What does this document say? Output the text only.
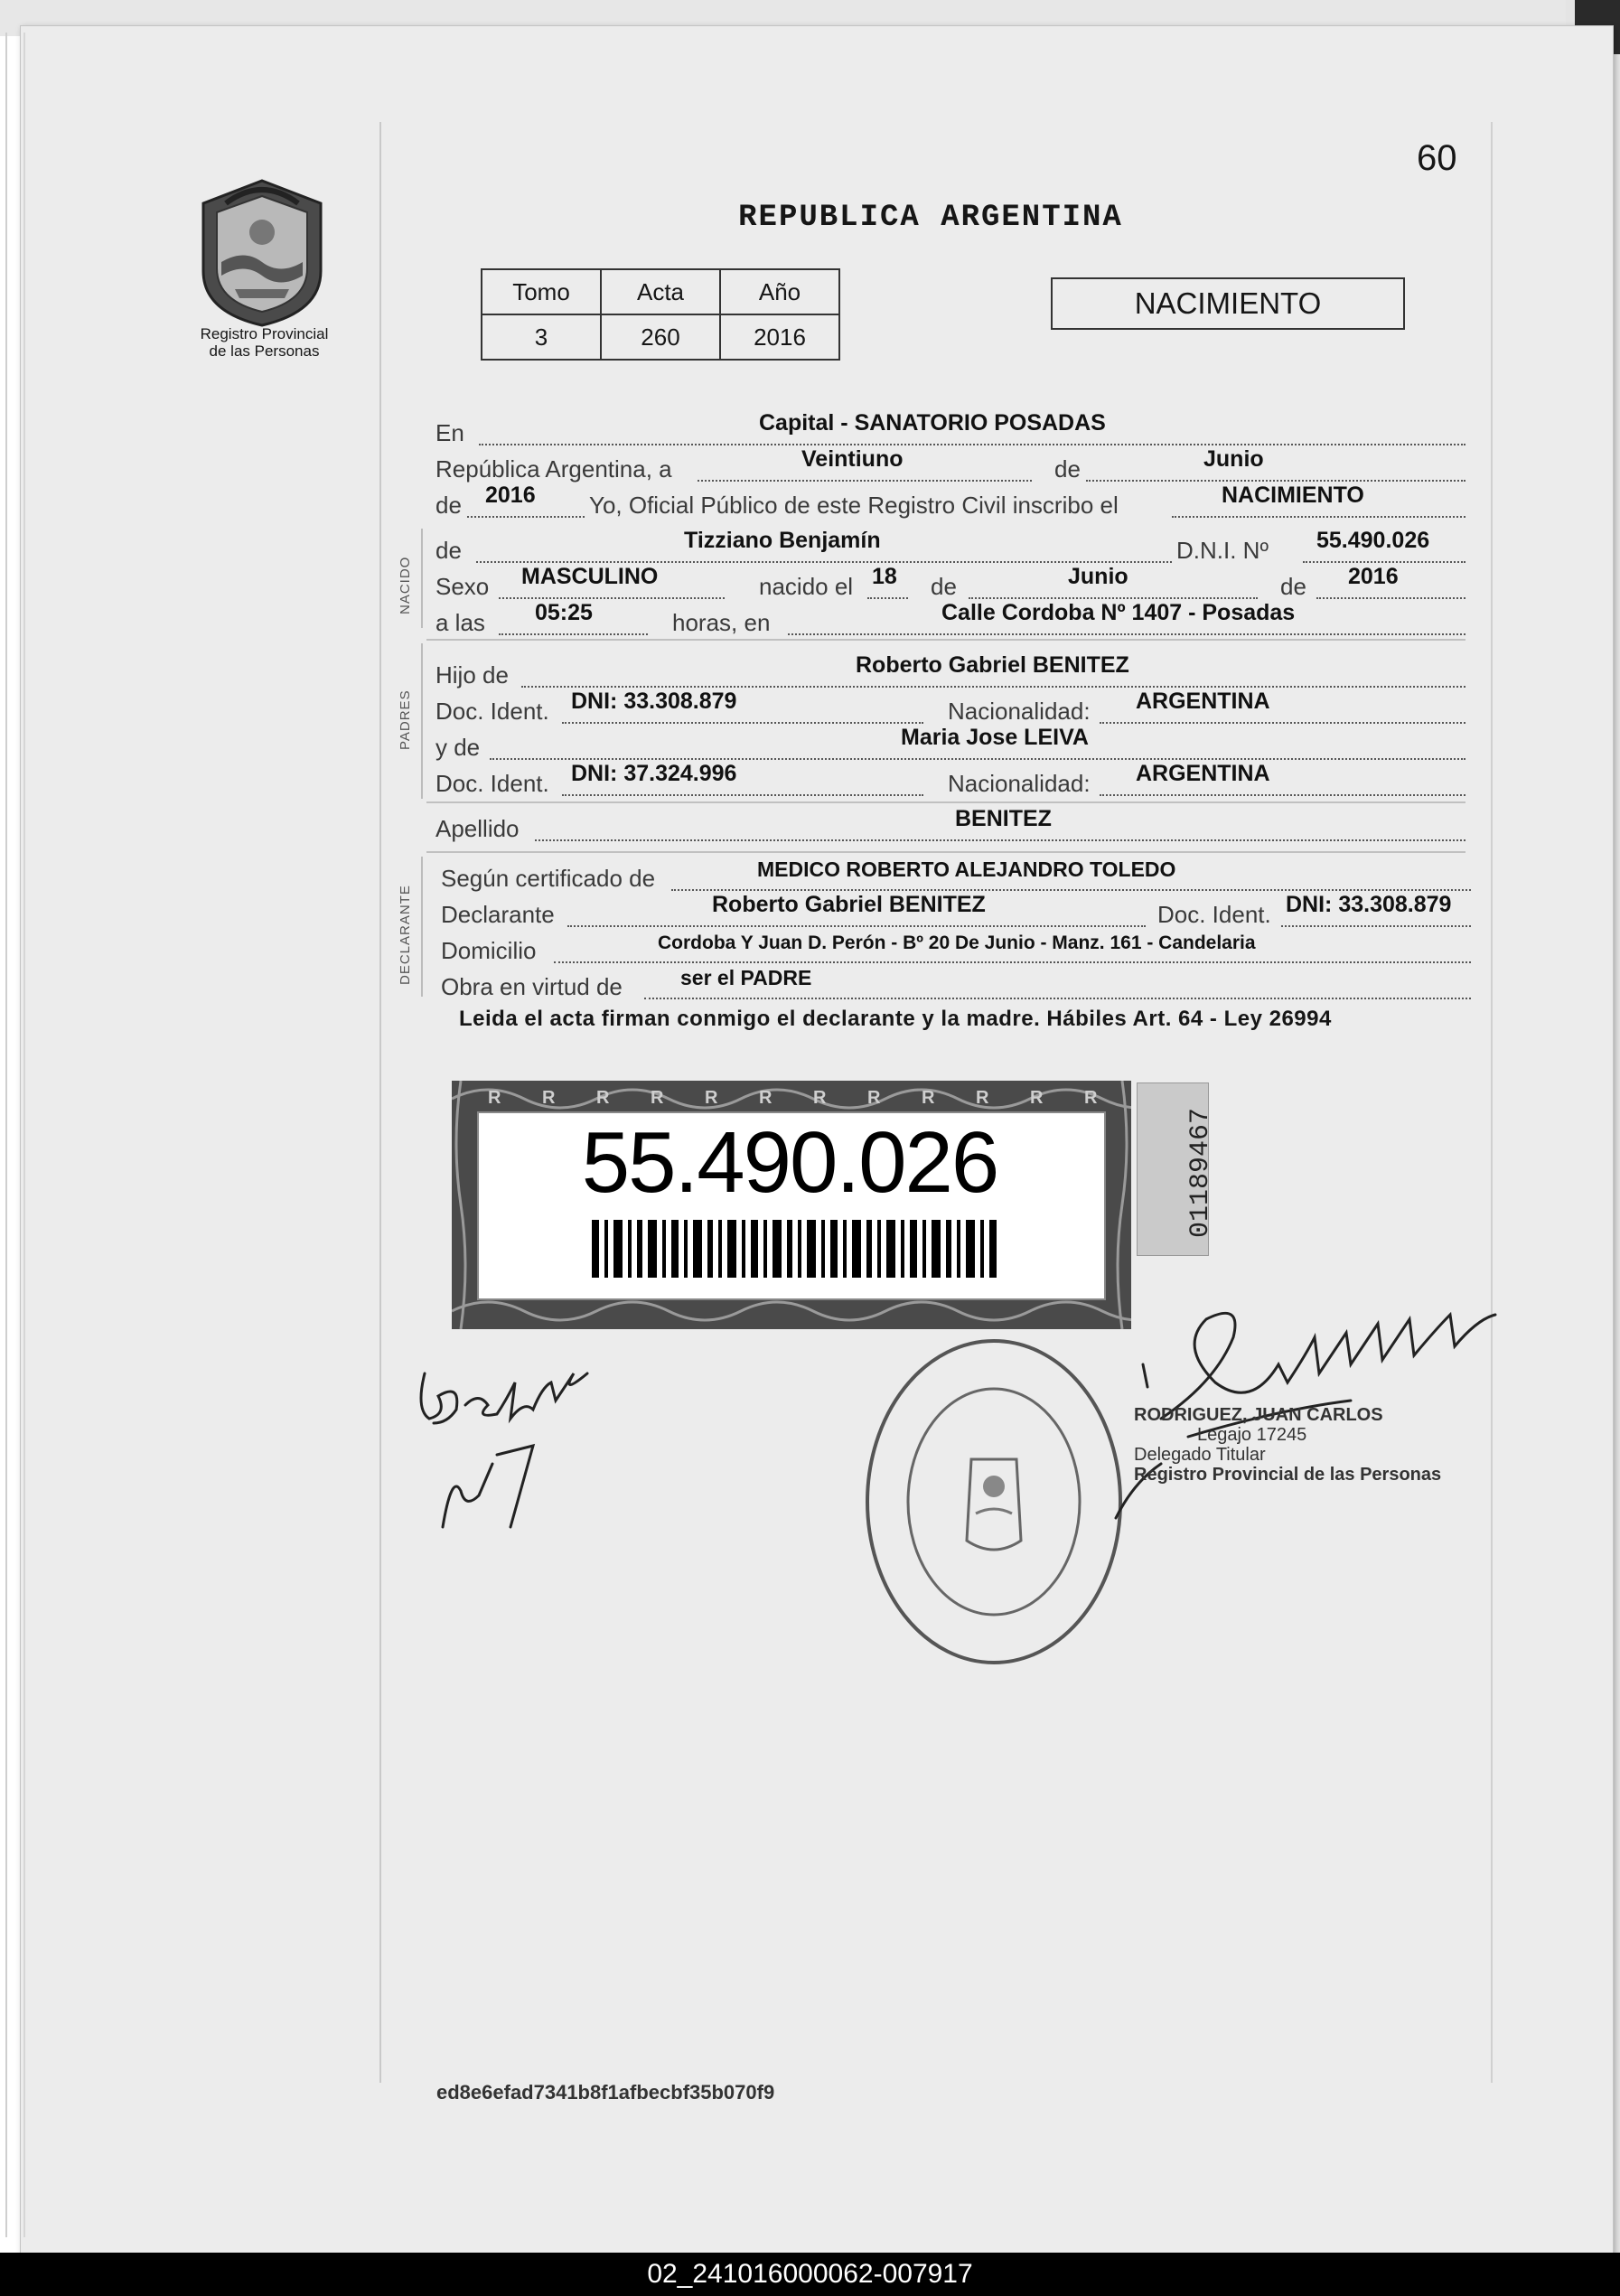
60
Registro Provincial
de las Personas
REPUBLICA ARGENTINA
Tomo	Acta	Año
3	260	2016
NACIMIENTO
En	Capital - SANATORIO POSADAS
República Argentina, a	Veintiuno	de	Junio
de 2016 Yo, Oficial Público de este Registro Civil inscribo el	NACIMIENTO
NACIDO
de	Tizziano Benjamín	D.N.I. Nº 55.490.026
Sexo MASCULINO	nacido el 18 de	Junio	de 2016
a las 05:25	horas, en	Calle Cordoba Nº 1407 - Posadas
PADRES
Hijo de	Roberto Gabriel BENITEZ
Doc. Ident. DNI: 33.308.879	Nacionalidad: ARGENTINA
y de	Maria Jose LEIVA
Doc. Ident. DNI: 37.324.996	Nacionalidad: ARGENTINA
Apellido	BENITEZ
DECLARANTE
Según certificado de	MEDICO ROBERTO ALEJANDRO TOLEDO
Declarante	Roberto Gabriel BENITEZ	Doc. Ident. DNI: 33.308.879
Domicilio	Cordoba Y Juan D. Perón - Bº 20 De Junio - Manz. 161 - Candelaria
Obra en virtud de	ser el PADRE
Leida el acta firman conmigo el declarante y la madre. Hábiles Art. 64 - Ley 26994
R R R R R R R R R R R R
55.490.026	01189467
RODRIGUEZ, JUAN CARLOS
Legajo 17245
Delegado Titular
Registro Provincial de las Personas
ed8e6efad7341b8f1afbecbf35b070f9
02_241016000062-007917
